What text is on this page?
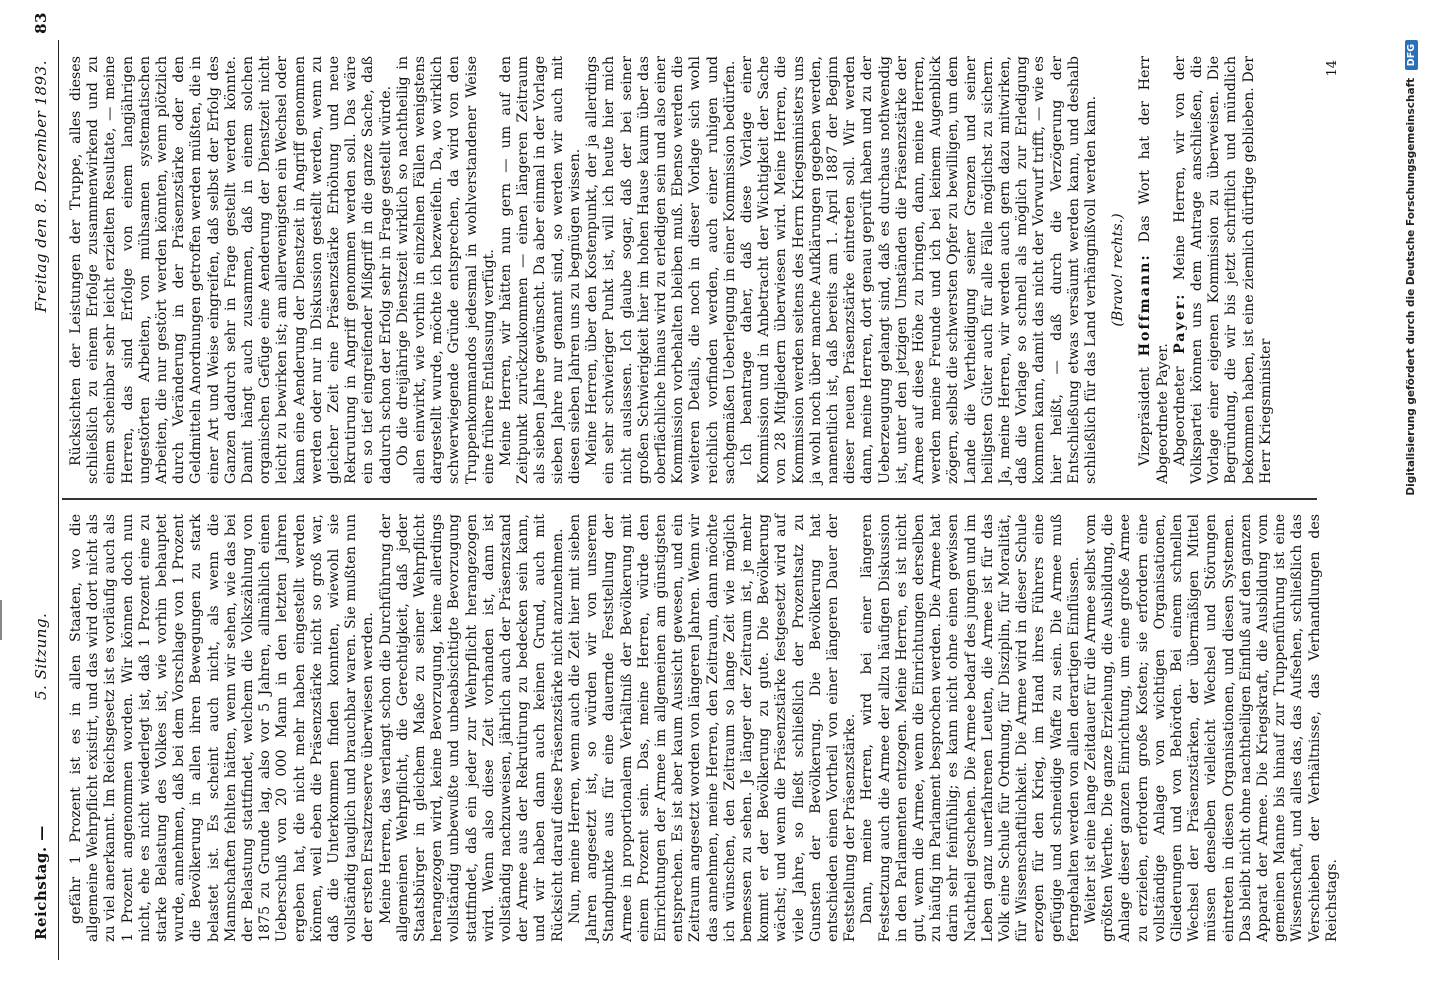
Reichstag. —
5. Sitzung.
Freitag den 8. Dezember 1893.
83

gefähr 1 Prozent ist es in allen Staaten, wo die allgemeine Wehrpflicht existirt, und das wird dort nicht als zu viel anerkannt. Im Reichsgesetz ist es vorläufig auch als 1 Prozent angenommen worden. Wir können doch nun nicht, ehe es nicht wiederlegt ist, daß 1 Prozent eine zu starke Belastung des Volkes ist, wie vorhin behauptet wurde, annehmen, daß bei dem Vorschlage von 1 Prozent die Bevölkerung in allen ihren Bewegungen zu stark belastet ist. Es scheint auch nicht, als wenn die Mannschaften fehlten hätten, wenn wir sehen, wie das bei der Belastung stattfindet, welchem die Volkszählung von 1875 zu Grunde lag, also vor 5 Jahren, allmählich einen Ueberschuß von 20 000 Mann in den letzten Jahren ergeben hat, die nicht mehr haben eingestellt werden können, weil eben die Präsenzstärke nicht so groß war, daß die Unterkommen finden konnten, wiewohl sie vollständig tauglich und brauchbar waren. Sie mußten nun der ersten Ersatzreserve überwiesen werden. Meine Herren, das verlangt schon die Durchführung der allgemeinen Wehrpflicht, die Gerechtigkeit, daß jeder Staatsbürger in gleichem Maße zu seiner Wehrpflicht herangezogen wird, keine Bevorzugung, keine allerdings vollständig unbewußte und unbeabsichtigte Bevorzugung stattfindet, daß ein jeder zur Wehrpflicht herangezogen wird. Wenn also diese Zeit vorhanden ist, dann ist vollständig nachzuweisen, jährlich auch der Präsenzstand der Armee aus der Rekrutirung zu bedecken sein kann, und wir haben dann auch keinen Grund, auch mit Rücksicht darauf diese Präsenzstärke nicht anzunehmen. Nun, meine Herren, wenn auch die Zeit hier mit sieben Jahren angesetzt ist, so würden wir von unserem Standpunkte aus für eine dauernde Feststellung der Armee in proportionalem Verhältniß der Bevölkerung mit einem Prozent sein. Das, meine Herren, würde den Einrichtungen der Armee im allgemeinen am günstigsten entsprechen. Es ist aber kaum Aussicht gewesen, und ein Zeitraum angesetzt worden von längeren Jahren. Wenn wir das annehmen, meine Herren, den Zeitraum, dann möchte ich wünschen, den Zeitraum so lange Zeit wie möglich bemessen zu sehen. Je länger der Zeitraum ist, je mehr kommt er der Bevölkerung zu gute. Die Bevölkerung wächst; und wenn die Präsenzstärke festgesetzt wird auf viele Jahre, so fließt schließlich der Prozentsatz zu Gunsten der Bevölkerung. Die Bevölkerung hat entschieden einen Vortheil von einer längeren Dauer der Feststellung der Präsenzstärke. Dann, meine Herren, wird bei einer längeren Festsetzung auch die Armee der allzu häufigen Diskussion in den Parlamenten entzogen. Meine Herren, es ist nicht gut, wenn die Armee, wenn die Einrichtungen derselben zu häufig im Parlament besprochen werden. Die Armee hat darin sehr feinfühlig; es kann nicht ohne einen gewissen Nachtheil geschehen. Die Armee bedarf des jungen und im Leben ganz unerfahrenen Leuten, die Armee ist für das Volk eine Schule für Ordnung, für Disziplin, für Moralität, für Wissenschaftlichkeit. Die Armee wird in dieser Schule erzogen für den Krieg, im Hand ihres Führers eine gefügige und schneidige Waffe zu sein. Die Armee muß ferngehalten werden von allen derartigen Einflüssen. Weiter ist eine lange Zeitdauer für die Armee selbst vom größten Werthe. Die ganze Erziehung, die Ausbildung, die Anlage dieser ganzen Einrichtung, um eine große Armee zu erzielen, erfordern große Kosten; sie erfordern eine vollständige Anlage von wichtigen Organisationen, Gliederungen und von Behörden. Bei einem schnellen Wechsel der Präsenzstärken, der übermäßigen Mittel müssen denselben vielleicht Wechsel und Störungen eintreten in diesen Organisationen, und diesen Systemen. Das bleibt nicht ohne nachtheiligen Einfluß auf den ganzen Apparat der Armee. Die Kriegskraft, die Ausbildung vom gemeinen Manne bis hinauf zur Truppenführung ist eine Wissenschaft, und alles das, das Aufsehen, schließlich das Verschieben der Verhältnisse, das Verhandlungen des Reichstags.

Rücksichten der Leistungen der Truppe, alles dieses schließlich zu einem Erfolge zusammenwirkend und zu einem scheinbar sehr leicht erzielten Resultate, — meine Herren, das sind Erfolge von einem langjährigen ungestörten Arbeiten, von mühsamen systematischen Arbeiten, die nur gestört werden könnten, wenn plötzlich durch Veränderung in der Präsenzstärke oder den Geldmitteln Anordnungen getroffen werden müßten, die in einer Art und Weise eingreifen, daß selbst der Erfolg des Ganzen dadurch sehr in Frage gestellt werden könnte. Damit hängt auch zusammen, daß in einem solchen organischen Gefüge eine Aenderung der Dienstzeit nicht leicht zu bewirken ist; am allerwenigsten ein Wechsel oder kann eine Aenderung der Dienstzeit in Angriff genommen werden oder nur in Diskussion gestellt werden, wenn zu gleicher Zeit eine Präsenzstärke Erhöhung und neue Rekrutirung in Angriff genommen werden soll. Das wäre ein so tief eingreifender Mißgriff in die ganze Sache, daß dadurch schon der Erfolg sehr in Frage gestellt würde. Ob die dreijährige Dienstzeit wirklich so nachtheilig in allen einwirkt, wie vorhin in einzelnen Fällen wenigstens dargestellt wurde, möchte ich bezweifeln. Da, wo wirklich schwerwiegende Gründe entsprechen, da wird von den Truppenkommandos jedesmal in wohlverstandener Weise eine frühere Entlassung verfügt. Meine Herren, wir hätten nun gern — um auf den Zeitpunkt zurückzukommen — einen längeren Zeitraum als sieben Jahre gewünscht. Da aber einmal in der Vorlage sieben Jahre nur genannt sind, so werden wir auch mit diesen sieben Jahren uns zu begnügen wissen. Meine Herren, über den Kostenpunkt, der ja allerdings ein sehr schwieriger Punkt ist, will ich heute hier mich nicht auslassen. Ich glaube sogar, daß der bei seiner großen Schwierigkeit hier im hohen Hause kaum über das oberflächliche hinaus wird zu erledigen sein und also einer Kommission vorbehalten bleiben muß. Ebenso werden die weiteren Details, die noch in dieser Vorlage sich wohl reichlich vorfinden werden, auch einer ruhigen und sachgemäßen Ueberlegung in einer Kommission bedürfen. Ich beantrage daher, daß diese Vorlage einer Kommission und in Anbetracht der Wichtigkeit der Sache von 28 Mitgliedern überwiesen wird. Meine Herren, die Kommission werden seitens des Herrn Kriegsministers uns ja wohl noch über manche Aufklärungen gegeben werden, namentlich ist, daß bereits am 1. April 1887 der Beginn dieser neuen Präsenzstärke eintreten soll. Wir werden dann, meine Herren, dort genau geprüft haben und zu der Ueberzeugung gelangt sind, daß es durchaus nothwendig ist, unter den jetzigen Umständen die Präsenzstärke der Armee auf diese Höhe zu bringen, dann, meine Herren, werden meine Freunde und ich bei keinem Augenblick zögern, selbst die schwersten Opfer zu bewilligen, um dem Lande die Vertheidigung seiner Grenzen und seiner heiligsten Güter auch für alle Fälle möglichst zu sichern. Ja, meine Herren, wir werden auch gern dazu mitwirken, daß die Vorlage so schnell als möglich zur Erledigung kommen kann, damit das nicht der Vorwurf trifft, — wie es hier heißt, — daß durch die Verzögerung der Entschließung etwas versäumt werden kann, und deshalb schließlich für das Land verhängnißvoll werden kann. (Bravo! rechts.)

Vizepräsident Hoffmann: Das Wort hat der Herr Abgeordnete Payer. Abgeordneter Payer: Meine Herren, wir von der Volkspartei können uns dem Antrage anschließen, die Vorlage einer eigenen Kommission zu überweisen. Die Begründung, die wir bis jetzt schriftlich und mündlich bekommen haben, ist eine ziemlich dürftige geblieben. Der Herr Kriegsminister

14
Digitalisierung gefördert durch die Deutsche Forschungsgemeinschaft DFG
